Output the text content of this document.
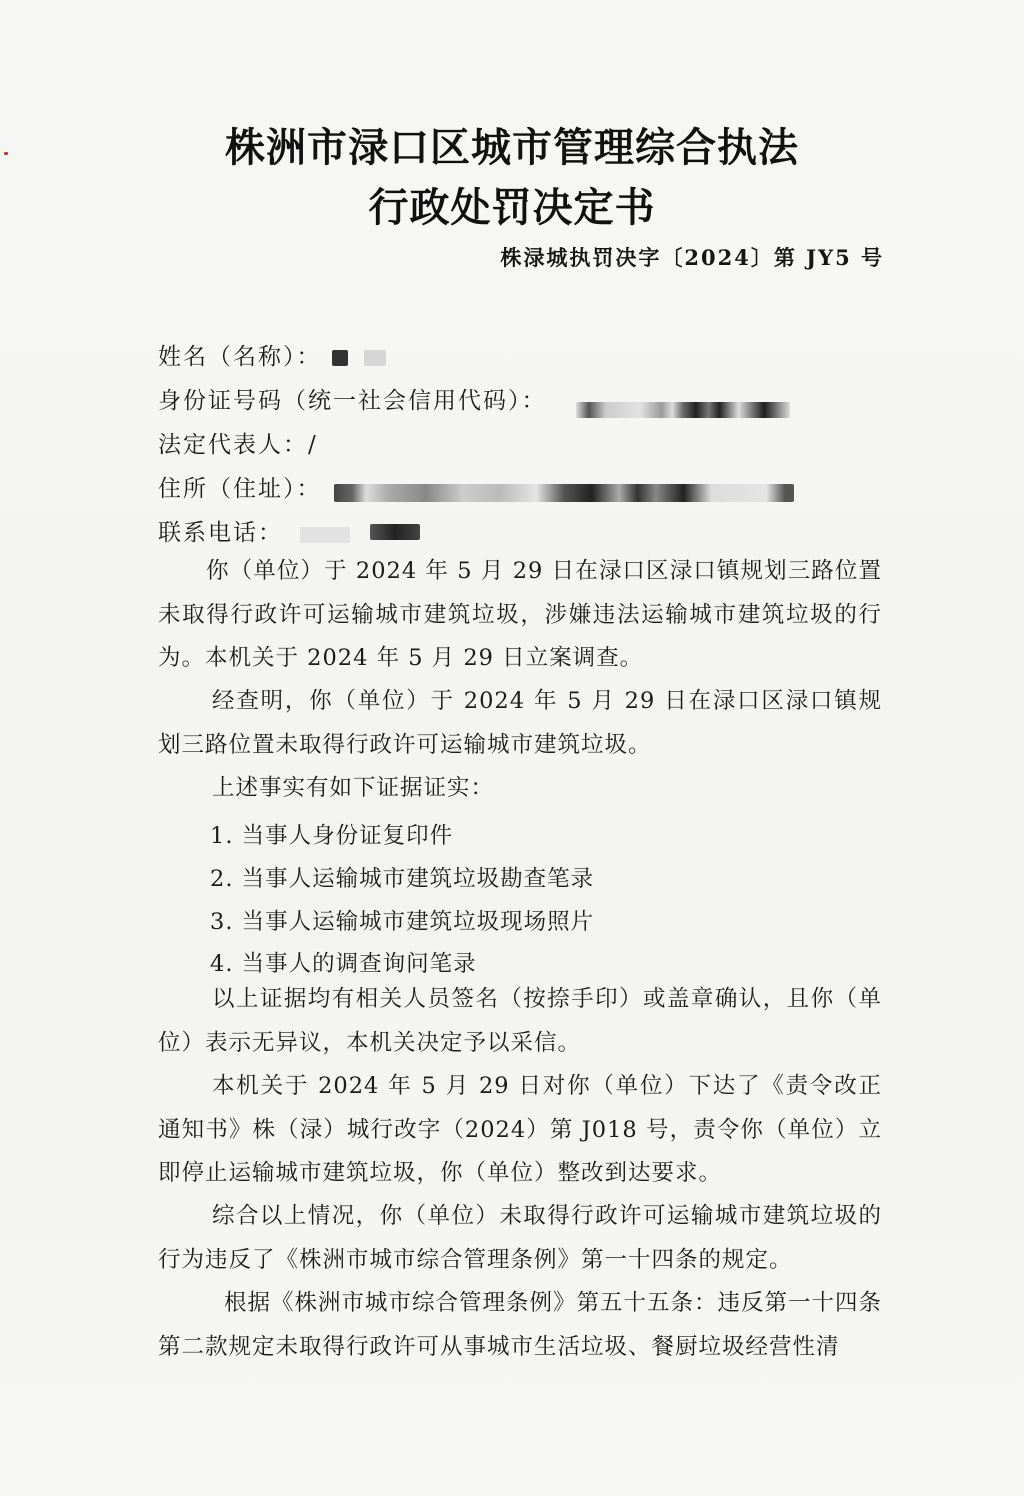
株洲市渌口区城市管理综合执法
行政处罚决定书
株渌城执罚决字〔2024〕第 JY5 号
姓名（名称）：
身份证号码（统一社会信用代码）：
法定代表人：/
住所（住址）：
联系电话：
你（单位）于 2024 年 5 月 29 日在渌口区渌口镇规划三路位置未取得行政许可运输城市建筑垃圾，涉嫌违法运输城市建筑垃圾的行为。本机关于 2024 年 5 月 29 日立案调查。
经查明，你（单位）于 2024 年 5 月 29 日在渌口区渌口镇规划三路位置未取得行政许可运输城市建筑垃圾。
上述事实有如下证据证实：
1. 当事人身份证复印件
2. 当事人运输城市建筑垃圾勘查笔录
3. 当事人运输城市建筑垃圾现场照片
4. 当事人的调查询问笔录
以上证据均有相关人员签名（按捺手印）或盖章确认，且你（单位）表示无异议，本机关决定予以采信。
本机关于 2024 年 5 月 29 日对你（单位）下达了《责令改正通知书》株（渌）城行改字（2024）第 J018 号，责令你（单位）立即停止运输城市建筑垃圾，你（单位）整改到达要求。
综合以上情况，你（单位）未取得行政许可运输城市建筑垃圾的行为违反了《株洲市城市综合管理条例》第一十四条的规定。
根据《株洲市城市综合管理条例》第五十五条：违反第一十四条第二款规定未取得行政许可从事城市生活垃圾、餐厨垃圾经营性清
